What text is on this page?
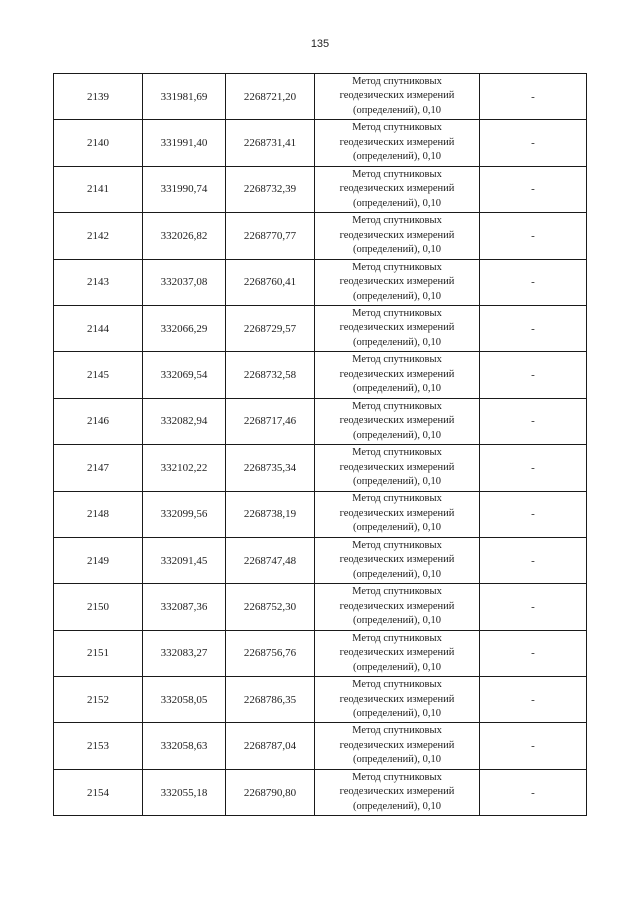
135
2139	331981,69	2268721,20	Метод спутниковых
геодезических измерений
(определений), 0,10	-
2140	331991,40	2268731,41	Метод спутниковых
геодезических измерений
(определений), 0,10	-
2141	331990,74	2268732,39	Метод спутниковых
геодезических измерений
(определений), 0,10	-
2142	332026,82	2268770,77	Метод спутниковых
геодезических измерений
(определений), 0,10	-
2143	332037,08	2268760,41	Метод спутниковых
геодезических измерений
(определений), 0,10	-
2144	332066,29	2268729,57	Метод спутниковых
геодезических измерений
(определений), 0,10	-
2145	332069,54	2268732,58	Метод спутниковых
геодезических измерений
(определений), 0,10	-
2146	332082,94	2268717,46	Метод спутниковых
геодезических измерений
(определений), 0,10	-
2147	332102,22	2268735,34	Метод спутниковых
геодезических измерений
(определений), 0,10	-
2148	332099,56	2268738,19	Метод спутниковых
геодезических измерений
(определений), 0,10	-
2149	332091,45	2268747,48	Метод спутниковых
геодезических измерений
(определений), 0,10	-
2150	332087,36	2268752,30	Метод спутниковых
геодезических измерений
(определений), 0,10	-
2151	332083,27	2268756,76	Метод спутниковых
геодезических измерений
(определений), 0,10	-
2152	332058,05	2268786,35	Метод спутниковых
геодезических измерений
(определений), 0,10	-
2153	332058,63	2268787,04	Метод спутниковых
геодезических измерений
(определений), 0,10	-
2154	332055,18	2268790,80	Метод спутниковых
геодезических измерений
(определений), 0,10	-
